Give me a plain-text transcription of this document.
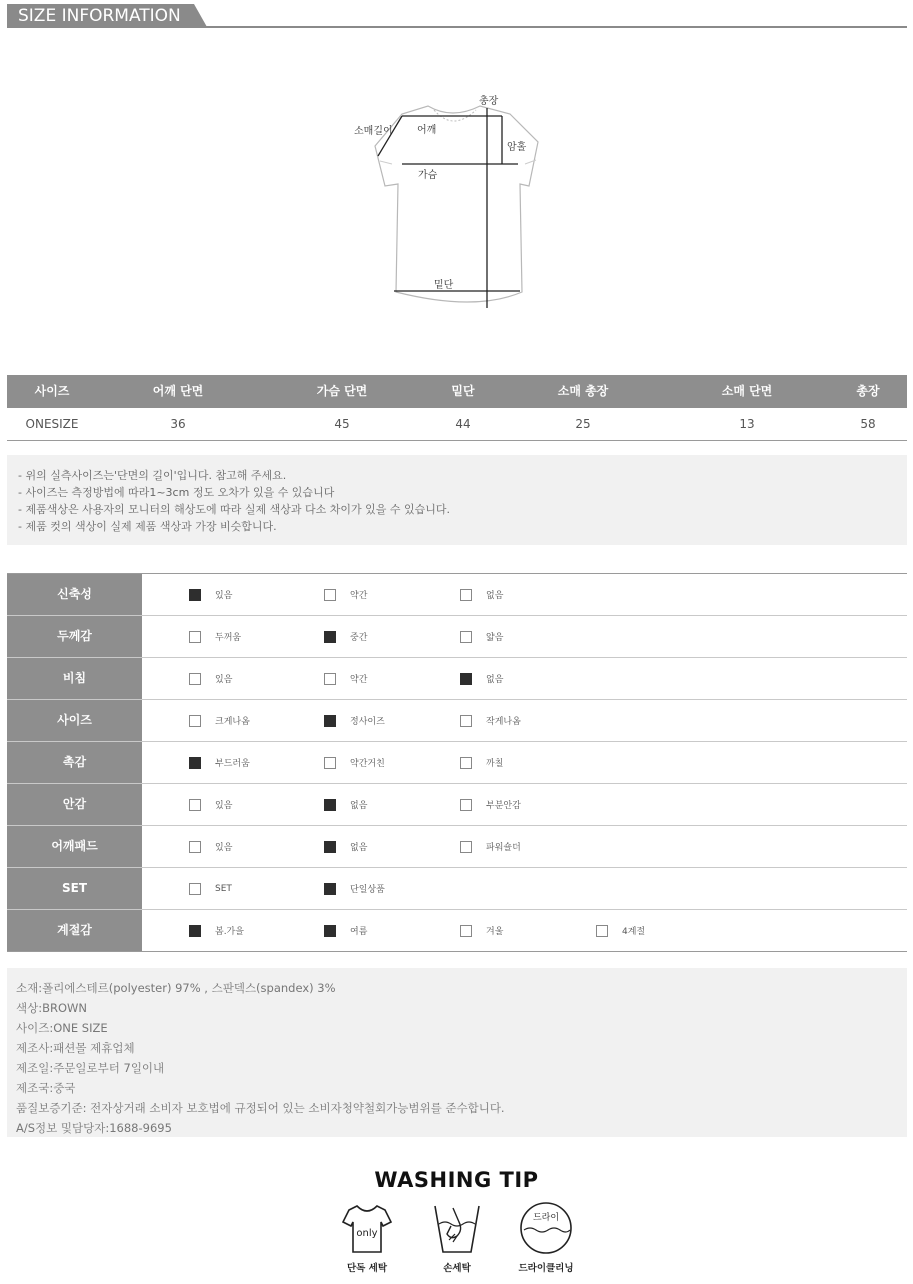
SIZE INFORMATION
총장
소매길이 어깨
암홀
가슴
밑단
사이즈	어깨 단면	가슴 단면	밑단	소매 총장	소매 단면	총장
ONESIZE	36	45	44	25	13	58

- 위의 실측사이즈는'단면의 길이'입니다. 참고해 주세요.

- 사이즈는 측정방법에 따라1~3cm 정도 오차가 있을 수 있습니다

- 제품색상은 사용자의 모니터의 해상도에 따라 실제 색상과 다소 차이가 있을 수 있습니다.

- 제품 컷의 색상이 실제 제품 색상과 가장 비슷합니다.

신축성	있음	약간	없음
두께감	두꺼움	중간	얇음
비침	있음	약간	없음
사이즈	크게나옴	정사이즈	작게나옴
촉감	부드러움	약간거친	까칠
안감	있음	없음	부분안감
어깨패드	있음	없음	파워숄더
SET	SET	단일상품
계절감	봄.가을	여름	겨울	4계절

소재:폴리에스테르(polyester) 97% , 스판덱스(spandex) 3%

색상:BROWN

사이즈:ONE SIZE

제조사:패션몰 제휴업체

제조일:주문일로부터 7일이내

제조국:중국

품질보증기준: 전자상거래 소비자 보호법에 규정되어 있는 소비자청약철회가능범위를 준수합니다.

A/S정보 및담당자:1688-9695

WASHING TIP
only
단독 세탁	손세탁
드라이
드라이클리닝
